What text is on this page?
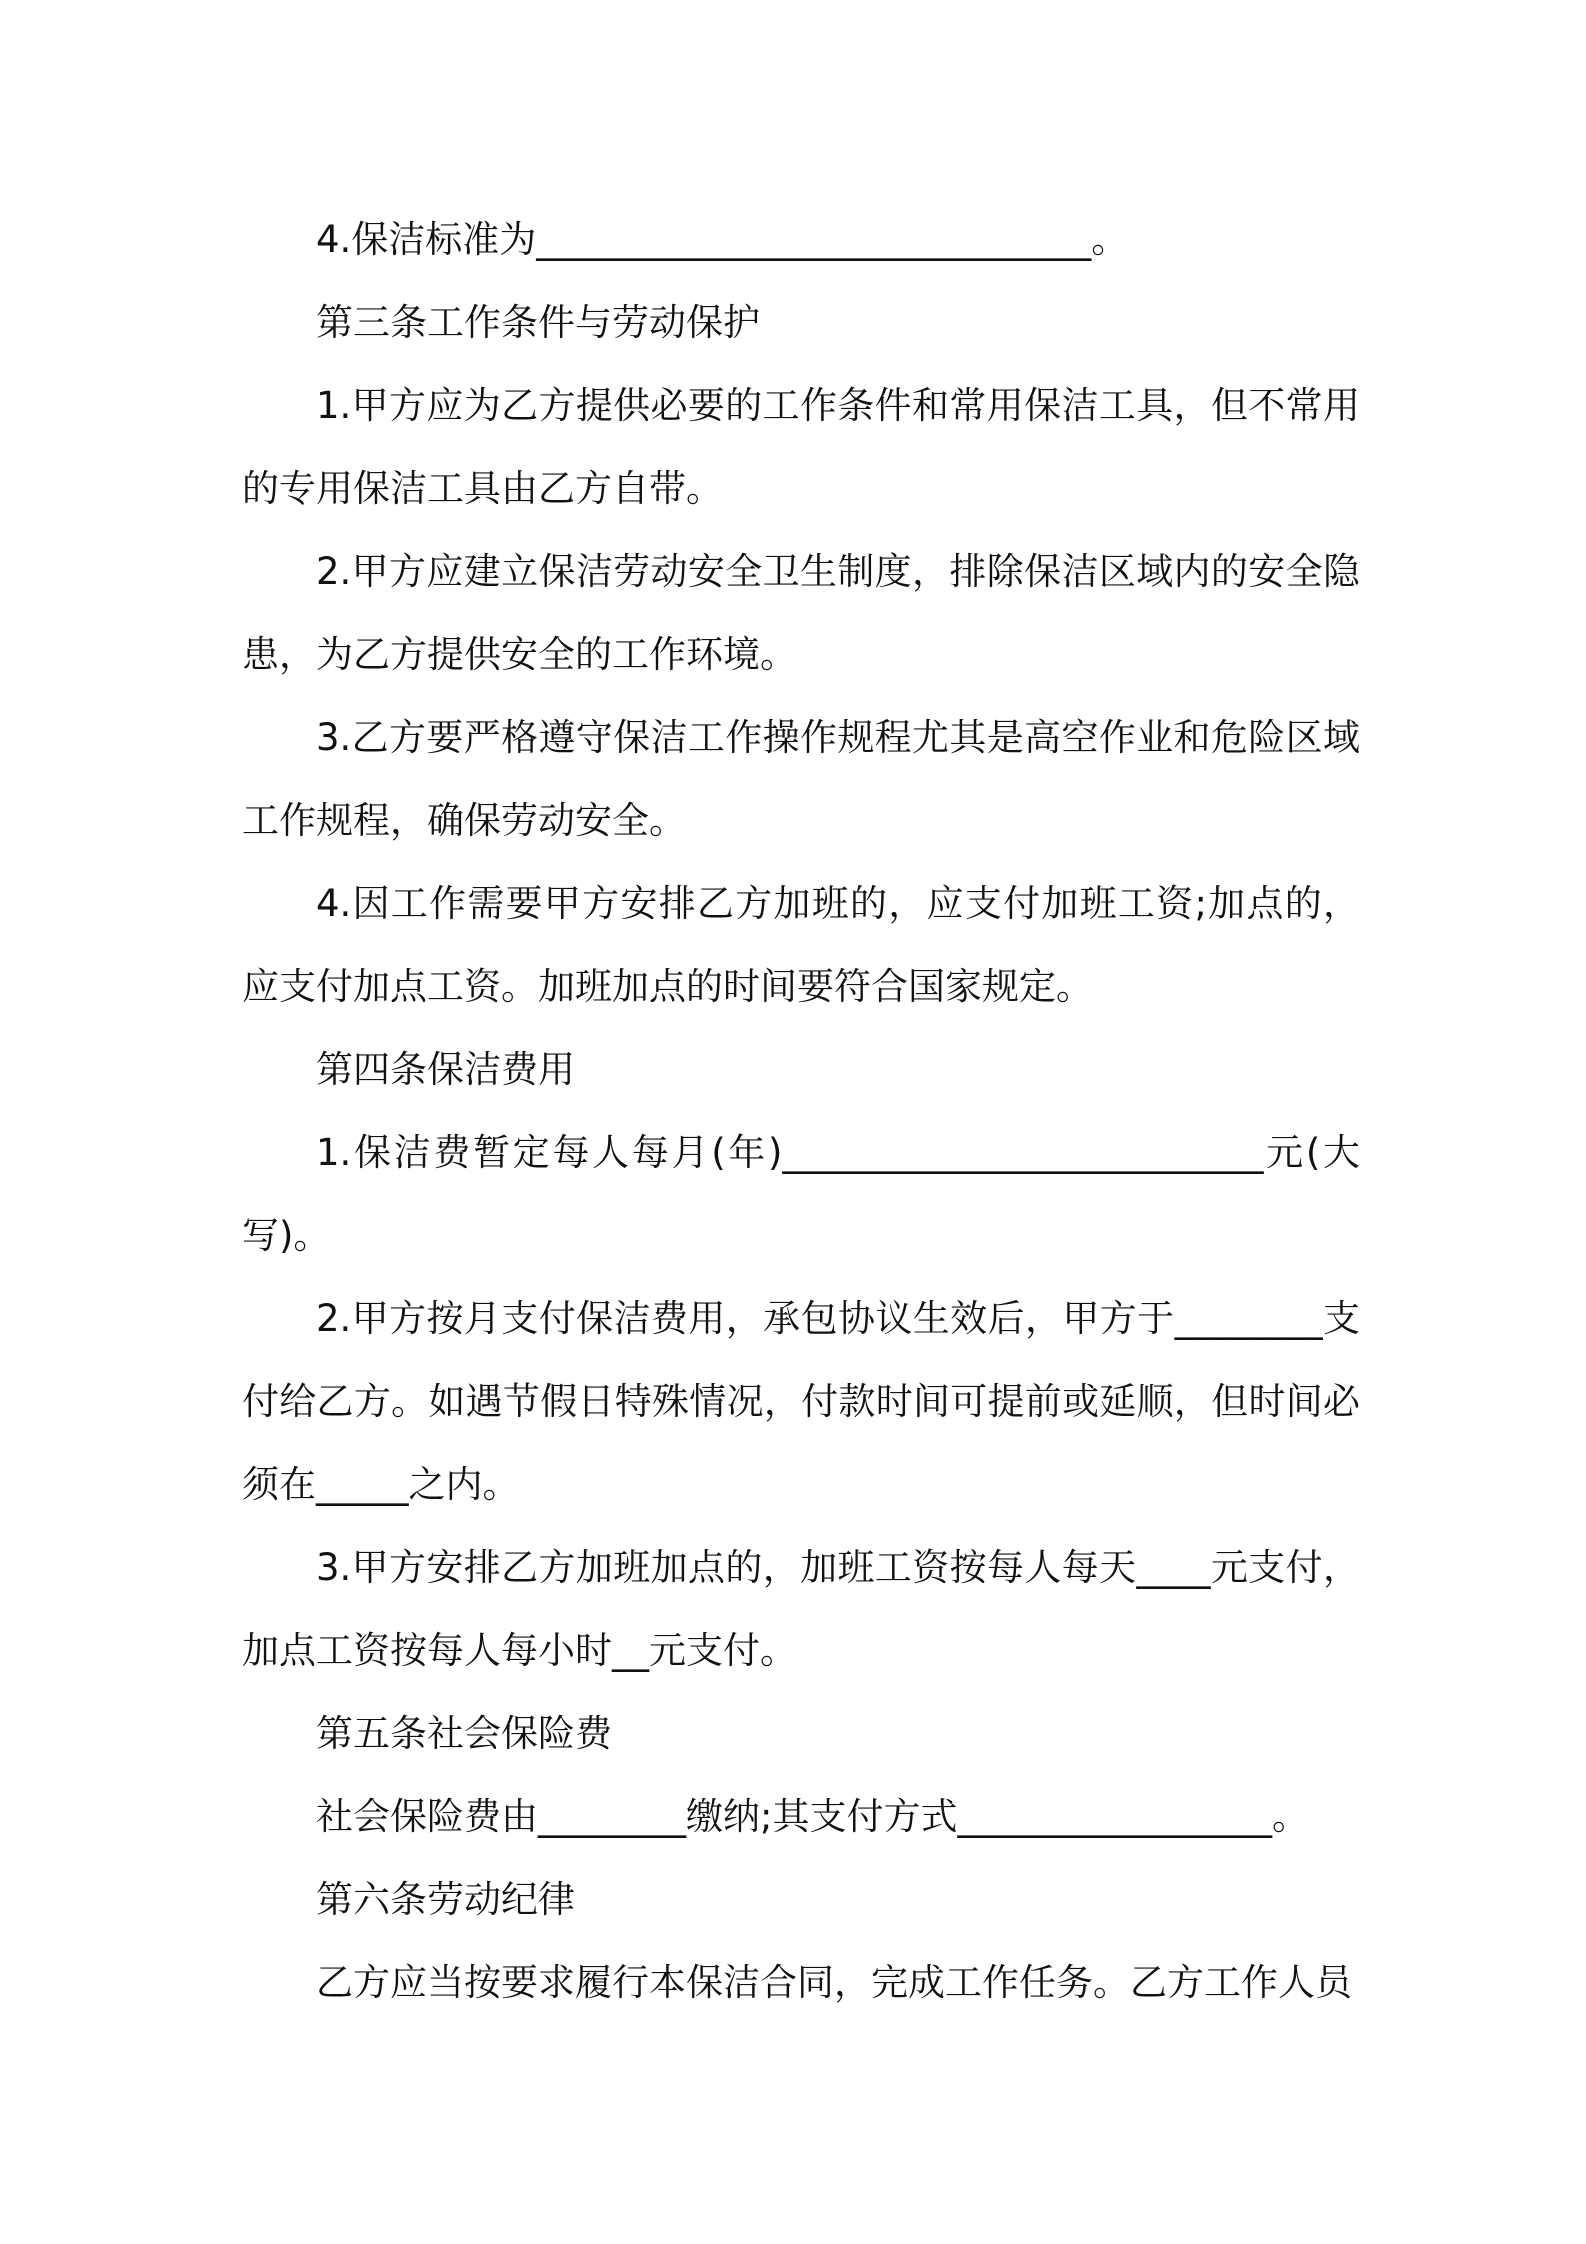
4.保洁标准为______________________________。

第三条工作条件与劳动保护

1.甲方应为乙方提供必要的工作条件和常用保洁工具，但不常用的专用保洁工具由乙方自带。

2.甲方应建立保洁劳动安全卫生制度，排除保洁区域内的安全隐患，为乙方提供安全的工作环境。

3.乙方要严格遵守保洁工作操作规程尤其是高空作业和危险区域工作规程，确保劳动安全。

4.因工作需要甲方安排乙方加班的，应支付加班工资;加点的，应支付加点工资。加班加点的时间要符合国家规定。

第四条保洁费用

1.保洁费暂定每人每月(年)__________________________元(大写)。

2.甲方按月支付保洁费用，承包协议生效后，甲方于________支付给乙方。如遇节假日特殊情况，付款时间可提前或延顺，但时间必须在_____之内。

3.甲方安排乙方加班加点的，加班工资按每人每天____元支付，加点工资按每人每小时__元支付。

第五条社会保险费

社会保险费由________缴纳;其支付方式_________________。

第六条劳动纪律

乙方应当按要求履行本保洁合同，完成工作任务。乙方工作人员
